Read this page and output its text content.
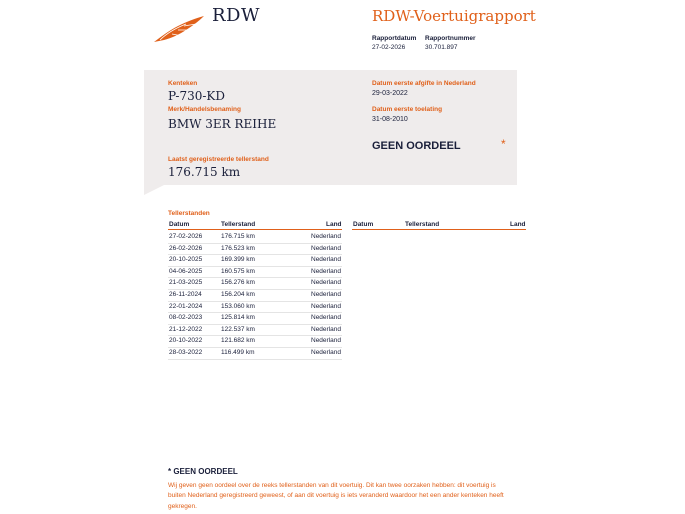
RDW	RDW-Voertuigrapport
Rapportdatum
27-02-2026
Rapportnummer
30.701.897
Kenteken
P-730-KD
Merk/Handelsbenaming
BMW 3ER REIHE
Laatst geregistreerde tellerstand
176.715 km
Datum eerste afgifte in Nederland
29-03-2022
Datum eerste toelating
31-08-2010
GEEN OORDEEL	*
Tellerstanden
Datum	Tellerstand	Land Datum	Tellerstand	Land
27-02-2026	176.715 km	Nederland
26-02-2026	176.523 km	Nederland
20-10-2025	169.399 km	Nederland
04-06-2025	160.575 km	Nederland
21-03-2025	156.276 km	Nederland
26-11-2024	156.204 km	Nederland
22-01-2024	153.060 km	Nederland
08-02-2023	125.814 km	Nederland
21-12-2022	122.537 km	Nederland
20-10-2022	121.682 km	Nederland
28-03-2022	116.499 km	Nederland
* GEEN OORDEEL
Wij geven geen oordeel over de reeks tellerstanden van dit voertuig. Dit kan twee oorzaken hebben: dit voertuig is buiten Nederland geregistreerd geweest, of aan dit voertuig is iets veranderd waardoor het een ander kenteken heeft gekregen.
